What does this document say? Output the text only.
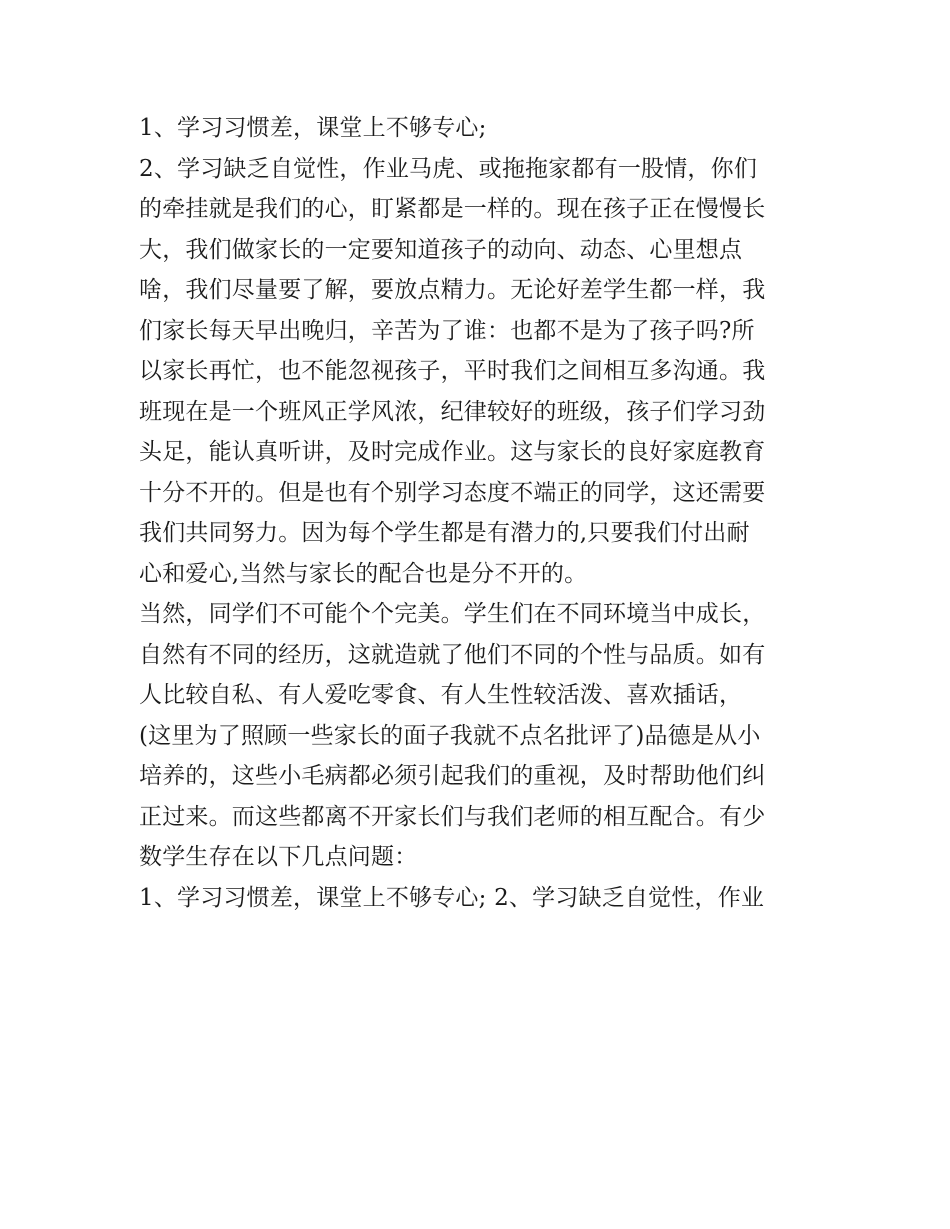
1、学习习惯差，课堂上不够专心;
2、学习缺乏自觉性，作业马虎、或拖拖家都有一股情，你们
的牵挂就是我们的心，盯紧都是一样的。现在孩子正在慢慢长
大，我们做家长的一定要知道孩子的动向、动态、心里想点
啥，我们尽量要了解，要放点精力。无论好差学生都一样，我
们家长每天早出晚归，辛苦为了谁：也都不是为了孩子吗?所
以家长再忙，也不能忽视孩子，平时我们之间相互多沟通。我
班现在是一个班风正学风浓，纪律较好的班级，孩子们学习劲
头足，能认真听讲，及时完成作业。这与家长的良好家庭教育
十分不开的。但是也有个别学习态度不端正的同学，这还需要
我们共同努力。因为每个学生都是有潜力的,只要我们付出耐
心和爱心,当然与家长的配合也是分不开的。
当然，同学们不可能个个完美。学生们在不同环境当中成长，
自然有不同的经历，这就造就了他们不同的个性与品质。如有
人比较自私、有人爱吃零食、有人生性较活泼、喜欢插话，
(这里为了照顾一些家长的面子我就不点名批评了)品德是从小
培养的，这些小毛病都必须引起我们的重视，及时帮助他们纠
正过来。而这些都离不开家长们与我们老师的相互配合。有少
数学生存在以下几点问题：
1、学习习惯差，课堂上不够专心; 2、学习缺乏自觉性，作业
